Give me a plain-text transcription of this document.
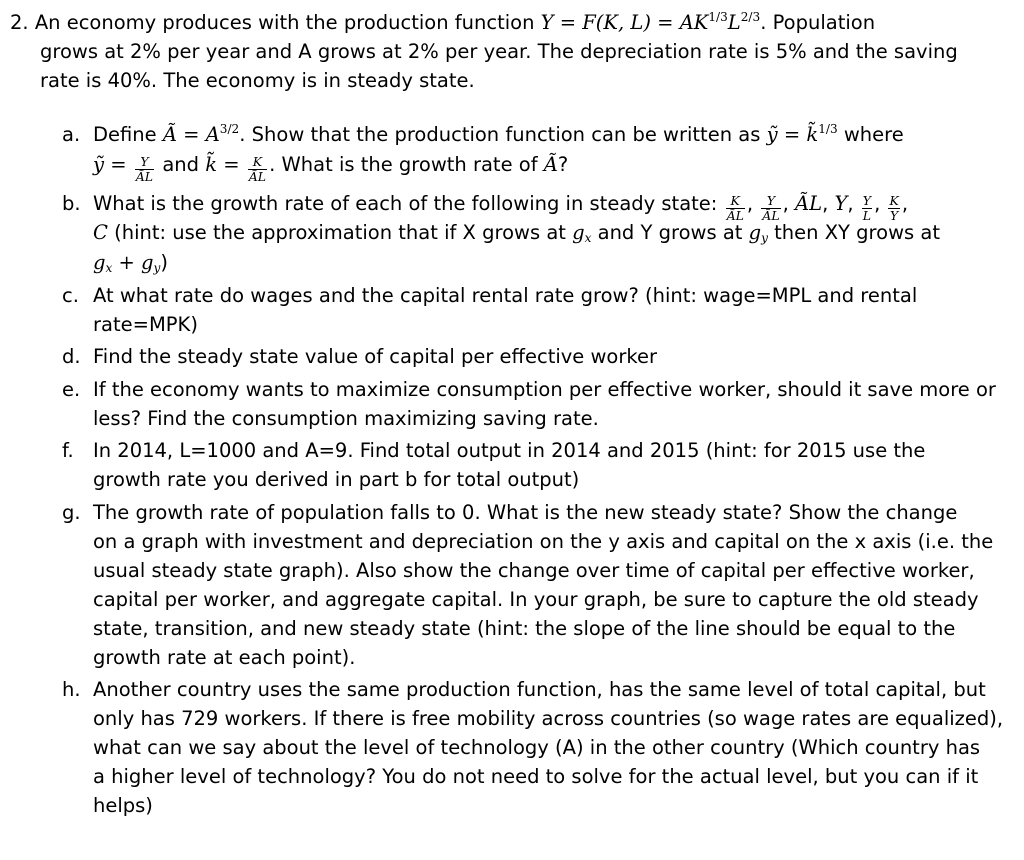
2. An economy produces with the production function Y = F(K, $L) = AK^{1/3}L^{2/3}$. Population
grows at 2% per year and A grows at 2% per year. The depreciation rate is 5% and the saving
rate is 40%. The economy is in steady state.
a. Define Ã = $A^{3/2}$. Show that the production function can be written as ỹ = k̃$^{1/3}$ where
ỹ = $\frac{Y}{ÃL}$ and k̃ = $\frac{K}{ÃL}$ . What is the growth rate of Ã?
b. What is the growth rate of each of the following in steady state: $\frac{K}{ÃL}$ , $\frac{Y}{ÃL}$ , ÃL, Y, $\frac{Y}{L}$ , $\frac{K}{Y}$ ,
C (hint: use the approximation that if X grows at $g_x$ and Y grows at $g_y$ then XY grows at
$g_x + g_y$)
c. At what rate do wages and the capital rental rate grow? (hint: wage=MPL and rental
rate=MPK)
d. Find the steady state value of capital per effective worker
e. If the economy wants to maximize consumption per effective worker, should it save more or
less? Find the consumption maximizing saving rate.
f. In 2014, L=1000 and A=9. Find total output in 2014 and 2015 (hint: for 2015 use the
growth rate you derived in part b for total output)
g. The growth rate of population falls to 0. What is the new steady state? Show the change
on a graph with investment and depreciation on the y axis and capital on the x axis (i.e. the
usual steady state graph). Also show the change over time of capital per effective worker,
capital per worker, and aggregate capital. In your graph, be sure to capture the old steady
state, transition, and new steady state (hint: the slope of the line should be equal to the
growth rate at each point).
h. Another country uses the same production function, has the same level of total capital, but
only has 729 workers. If there is free mobility across countries (so wage rates are equalized),
what can we say about the level of technology (A) in the other country (Which country has
a higher level of technology? You do not need to solve for the actual level, but you can if it
helps)
